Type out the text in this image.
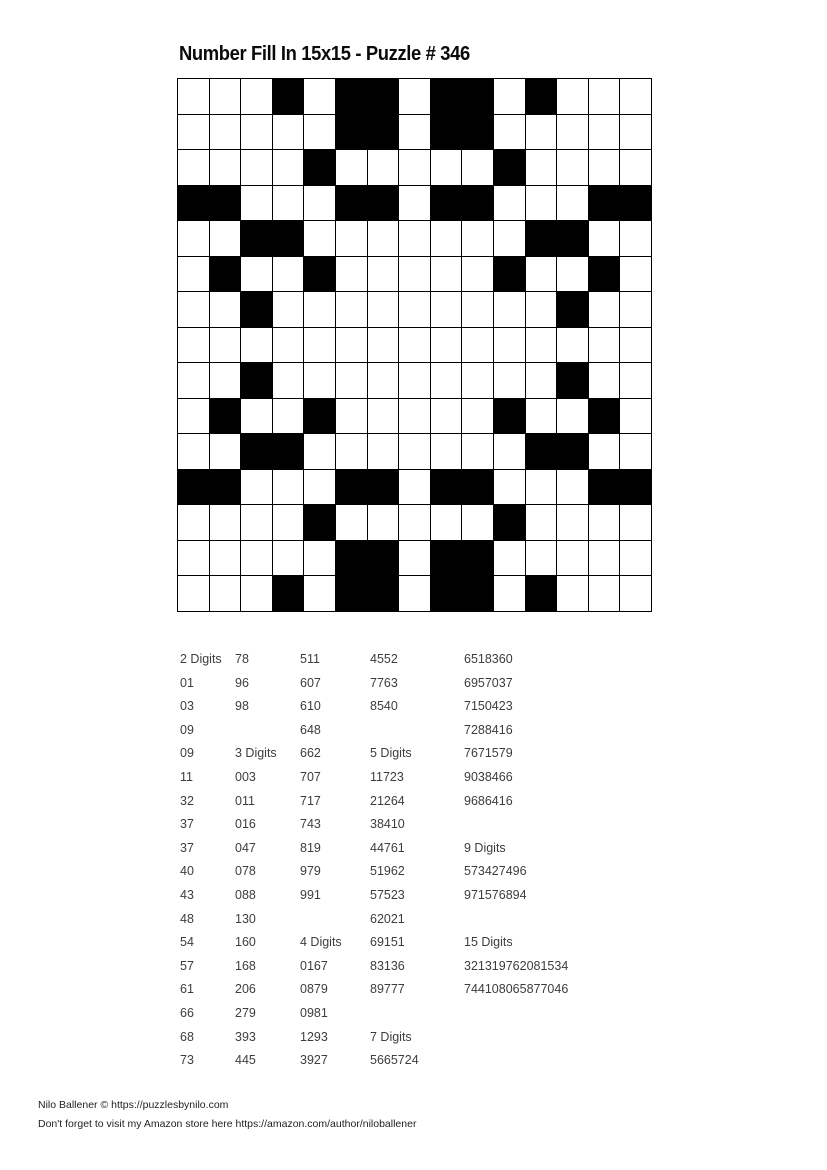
Number Fill In 15x15 - Puzzle # 346
2 Digits
01
03
09
09
11
32
37
37
40
43
48
54
57
61
66
68
73
78
96
98

3 Digits
003
011
016
047
078
088
130
160
168
206
279
393
445
511
607
610
648
662
707
717
743
819
979
991

4 Digits
0167
0879
0981
1293
3927
4552
7763
8540

5 Digits
11723
21264
38410
44761
51962
57523
62021
69151
83136
89777

7 Digits
5665724
6518360
6957037
7150423
7288416
7671579
9038466
9686416

9 Digits
573427496
971576894

15 Digits
321319762081534
744108065877046
Nilo Ballener © https://puzzlesbynilo.com
Don't forget to visit my Amazon store here https://amazon.com/author/niloballener
